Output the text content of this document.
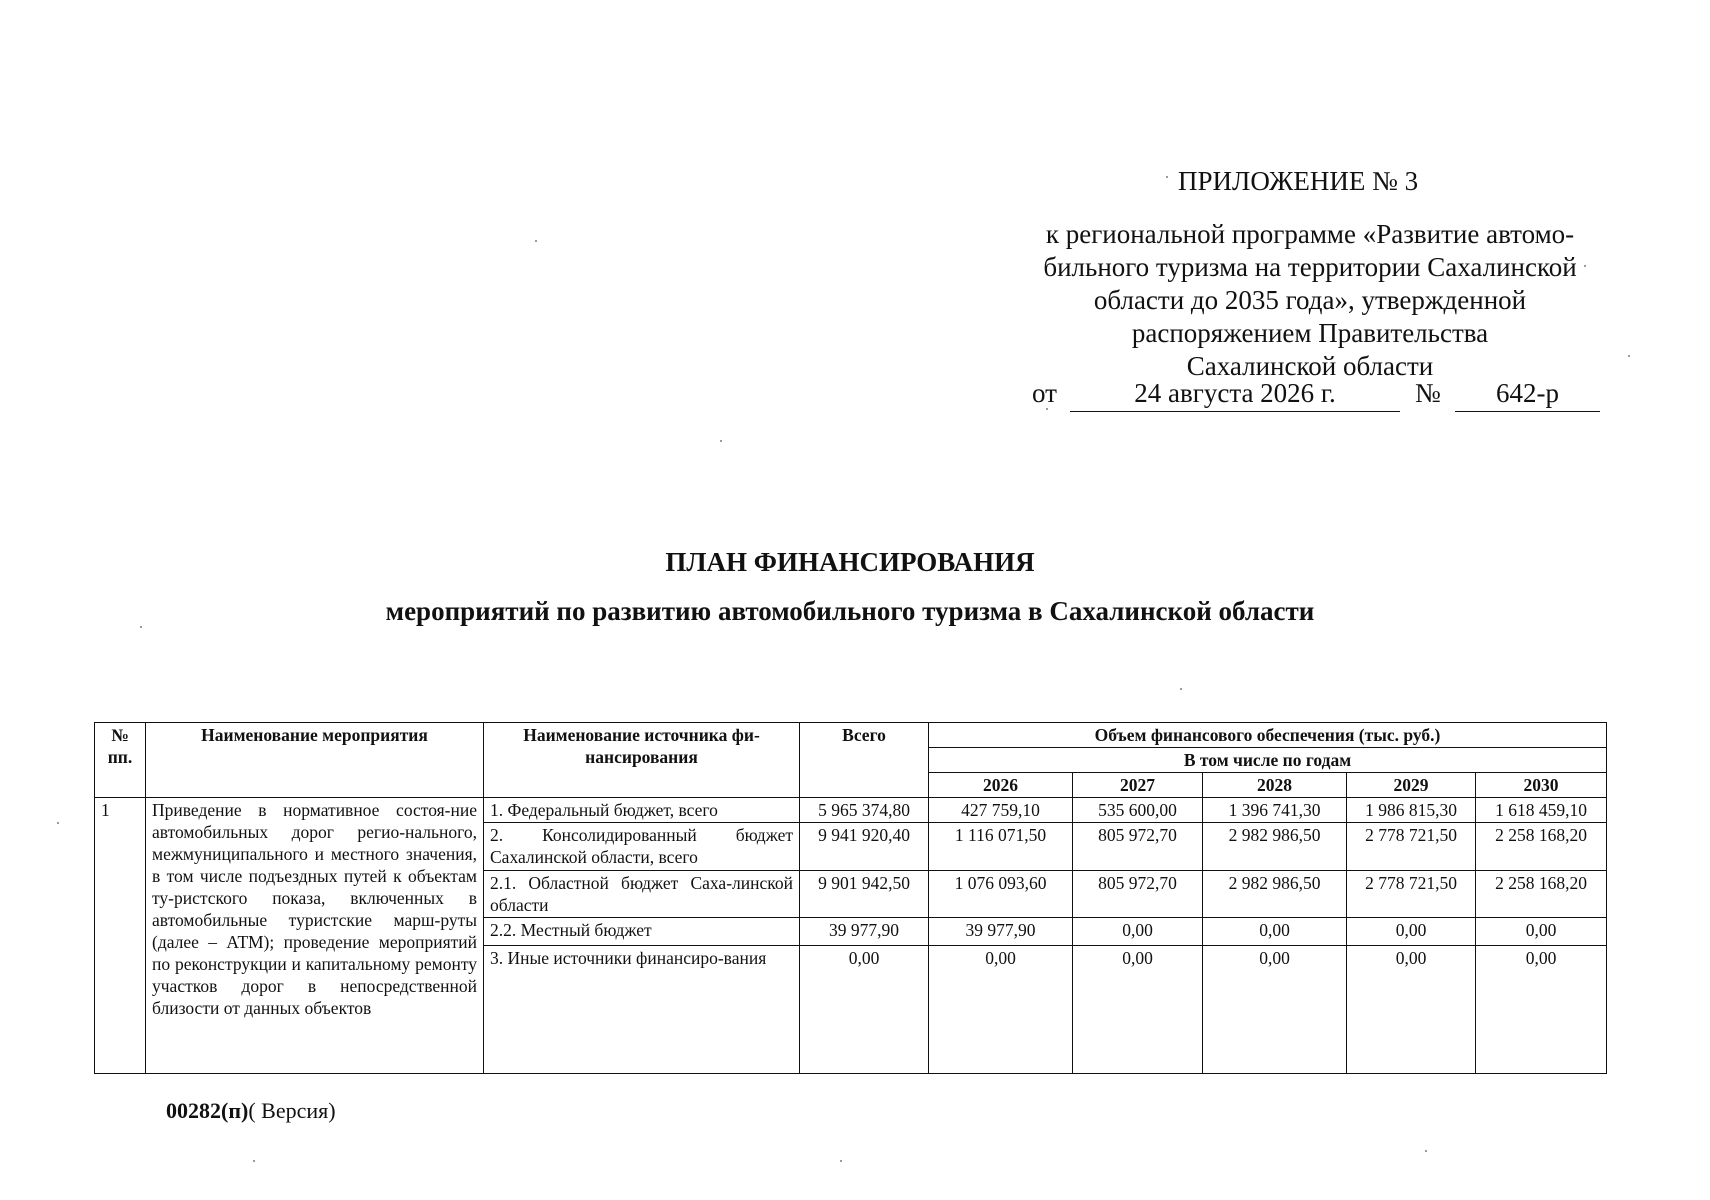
ПРИЛОЖЕНИЕ № 3
к региональной программе «Развитие автомо-
бильного туризма на территории Сахалинской
области до 2035 года», утвержденной
распоряжением Правительства
Сахалинской области
от	24 августа 2026 г.	№	642-р
ПЛАН ФИНАНСИРОВАНИЯ
мероприятий по развитию автомобильного туризма в Сахалинской области
№ пп.	Наименование мероприятия	Наименование источника фи-нансирования	Всего	Объем финансового обеспечения (тыс. руб.)				
				В том числе по годам				
				2026	2027	2028	2029	2030
1	Приведение в нормативное состоя-ние автомобильных дорог регио-нального, межмуниципального и местного значения, в том числе подъездных путей к объектам ту-ристского показа, включенных в автомобильные туристские марш-руты (далее – АТМ); проведение мероприятий по реконструкции и капитальному ремонту участков дорог в непосредственной близости от данных объектов	1. Федеральный бюджет, всего	5 965 374,80	427 759,10	535 600,00	1 396 741,30	1 986 815,30	1 618 459,10
		2. Консолидированный бюджет Сахалинской области, всего	9 941 920,40	1 116 071,50	805 972,70	2 982 986,50	2 778 721,50	2 258 168,20
		2.1. Областной бюджет Саха-линской области	9 901 942,50	1 076 093,60	805 972,70	2 982 986,50	2 778 721,50	2 258 168,20
		2.2. Местный бюджет	39 977,90	39 977,90	0,00	0,00	0,00	0,00
		3. Иные источники финансиро-вания	0,00	0,00	0,00	0,00	0,00	0,00
00282(п)( Версия)
